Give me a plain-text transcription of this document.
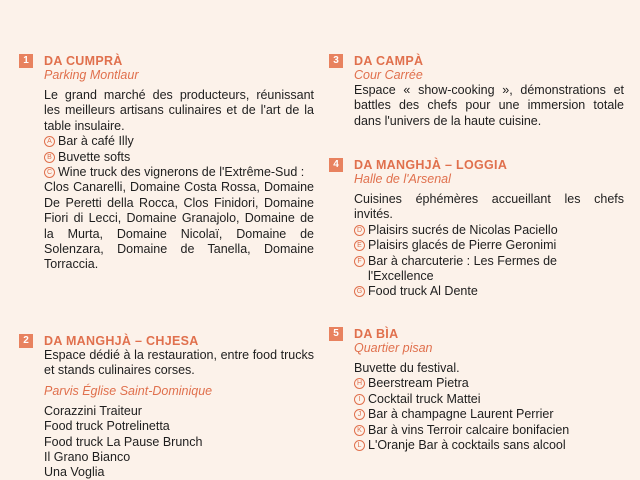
1	DA CUMPRÀ
Parking Montlaur
Le grand marché des producteurs, réunissant les meilleurs artisans culinaires et de l'art de la table insulaire.
A Bar à café Illy
B Buvette softs
C Wine truck des vignerons de l'Extrême-Sud :
Clos Canarelli, Domaine Costa Rossa, Domaine De Peretti della Rocca, Clos Finidori, Domaine Fiori di Lecci, Domaine Granajolo, Domaine de la Murta, Domaine Nicolaï, Domaine de Solenzara, Domaine de Tanella, Domaine Torraccia.
2	DA MANGHJÀ – CHJESA
Espace dédié à la restauration, entre food trucks et stands culinaires corses.
Parvis Église Saint-Dominique
Corazzini Traiteur
Food truck Potrelinetta
Food truck La Pause Brunch
Il Grano Bianco
Una Voglia
3	DA CAMPÀ
Cour Carrée
Espace « show-cooking », démonstrations et battles des chefs pour une immersion totale dans l'univers de la haute cuisine.
4	DA MANGHJÀ – LOGGIA
Halle de l'Arsenal
Cuisines éphémères accueillant les chefs invités.
D Plaisirs sucrés de Nicolas Paciello
E Plaisirs glacés de Pierre Geronimi
F Bar à charcuterie : Les Fermes de l'Excellence
G Food truck Al Dente
5	DA BÌA
Quartier pisan
Buvette du festival.
H Beerstream Pietra
I Cocktail truck Mattei
J Bar à champagne Laurent Perrier
K Bar à vins Terroir calcaire bonifacien
L L'Oranje Bar à cocktails sans alcool
